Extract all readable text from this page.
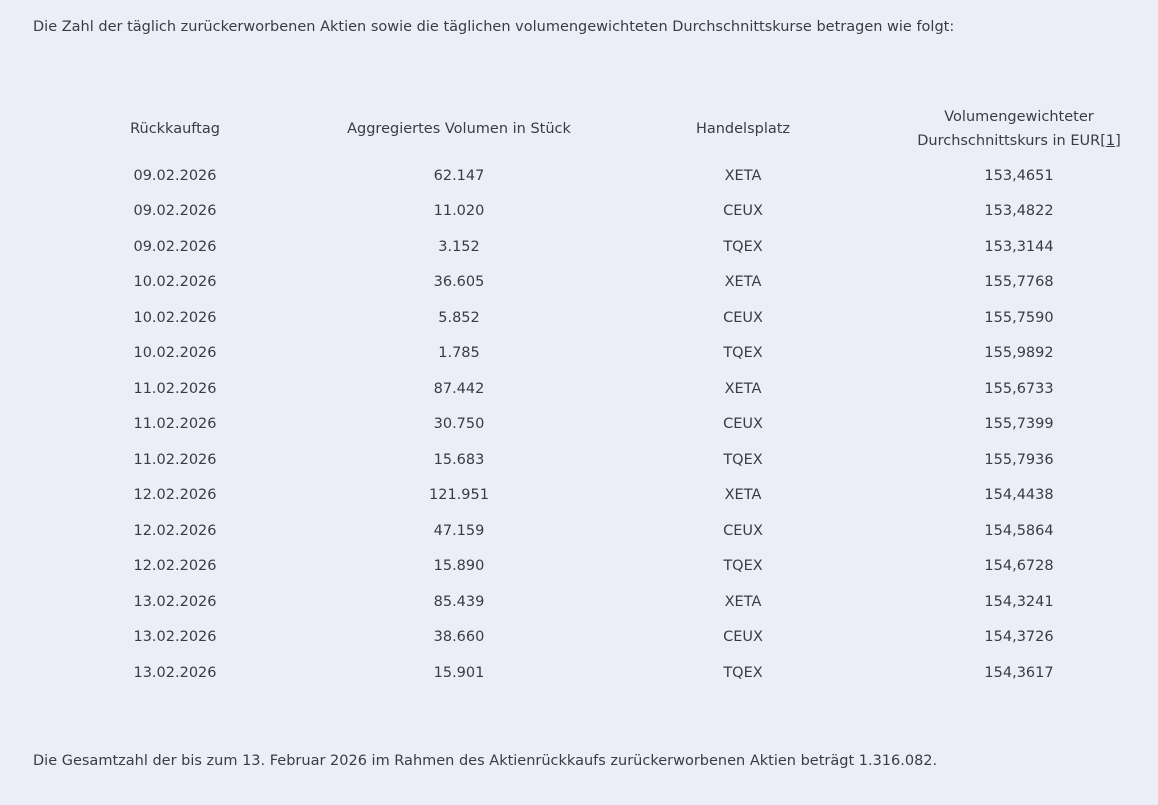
Die Zahl der täglich zurückerworbenen Aktien sowie die täglichen volumengewichteten Durchschnittskurse betragen wie folgt:

Rückkauftag	Aggregiertes Volumen in Stück	Handelsplatz	Volumengewichteter
Durchschnittskurs in EUR[1]

09.02.2026	62.147	XETA	153,4651
09.02.2026	11.020	CEUX	153,4822
09.02.2026	3.152	TQEX	153,3144
10.02.2026	36.605	XETA	155,7768
10.02.2026	5.852	CEUX	155,7590
10.02.2026	1.785	TQEX	155,9892
11.02.2026	87.442	XETA	155,6733
11.02.2026	30.750	CEUX	155,7399
11.02.2026	15.683	TQEX	155,7936
12.02.2026	121.951	XETA	154,4438
12.02.2026	47.159	CEUX	154,5864
12.02.2026	15.890	TQEX	154,6728
13.02.2026	85.439	XETA	154,3241
13.02.2026	38.660	CEUX	154,3726
13.02.2026	15.901	TQEX	154,3617

Die Gesamtzahl der bis zum 13. Februar 2026 im Rahmen des Aktienrückkaufs zurückerworbenen Aktien beträgt 1.316.082.
